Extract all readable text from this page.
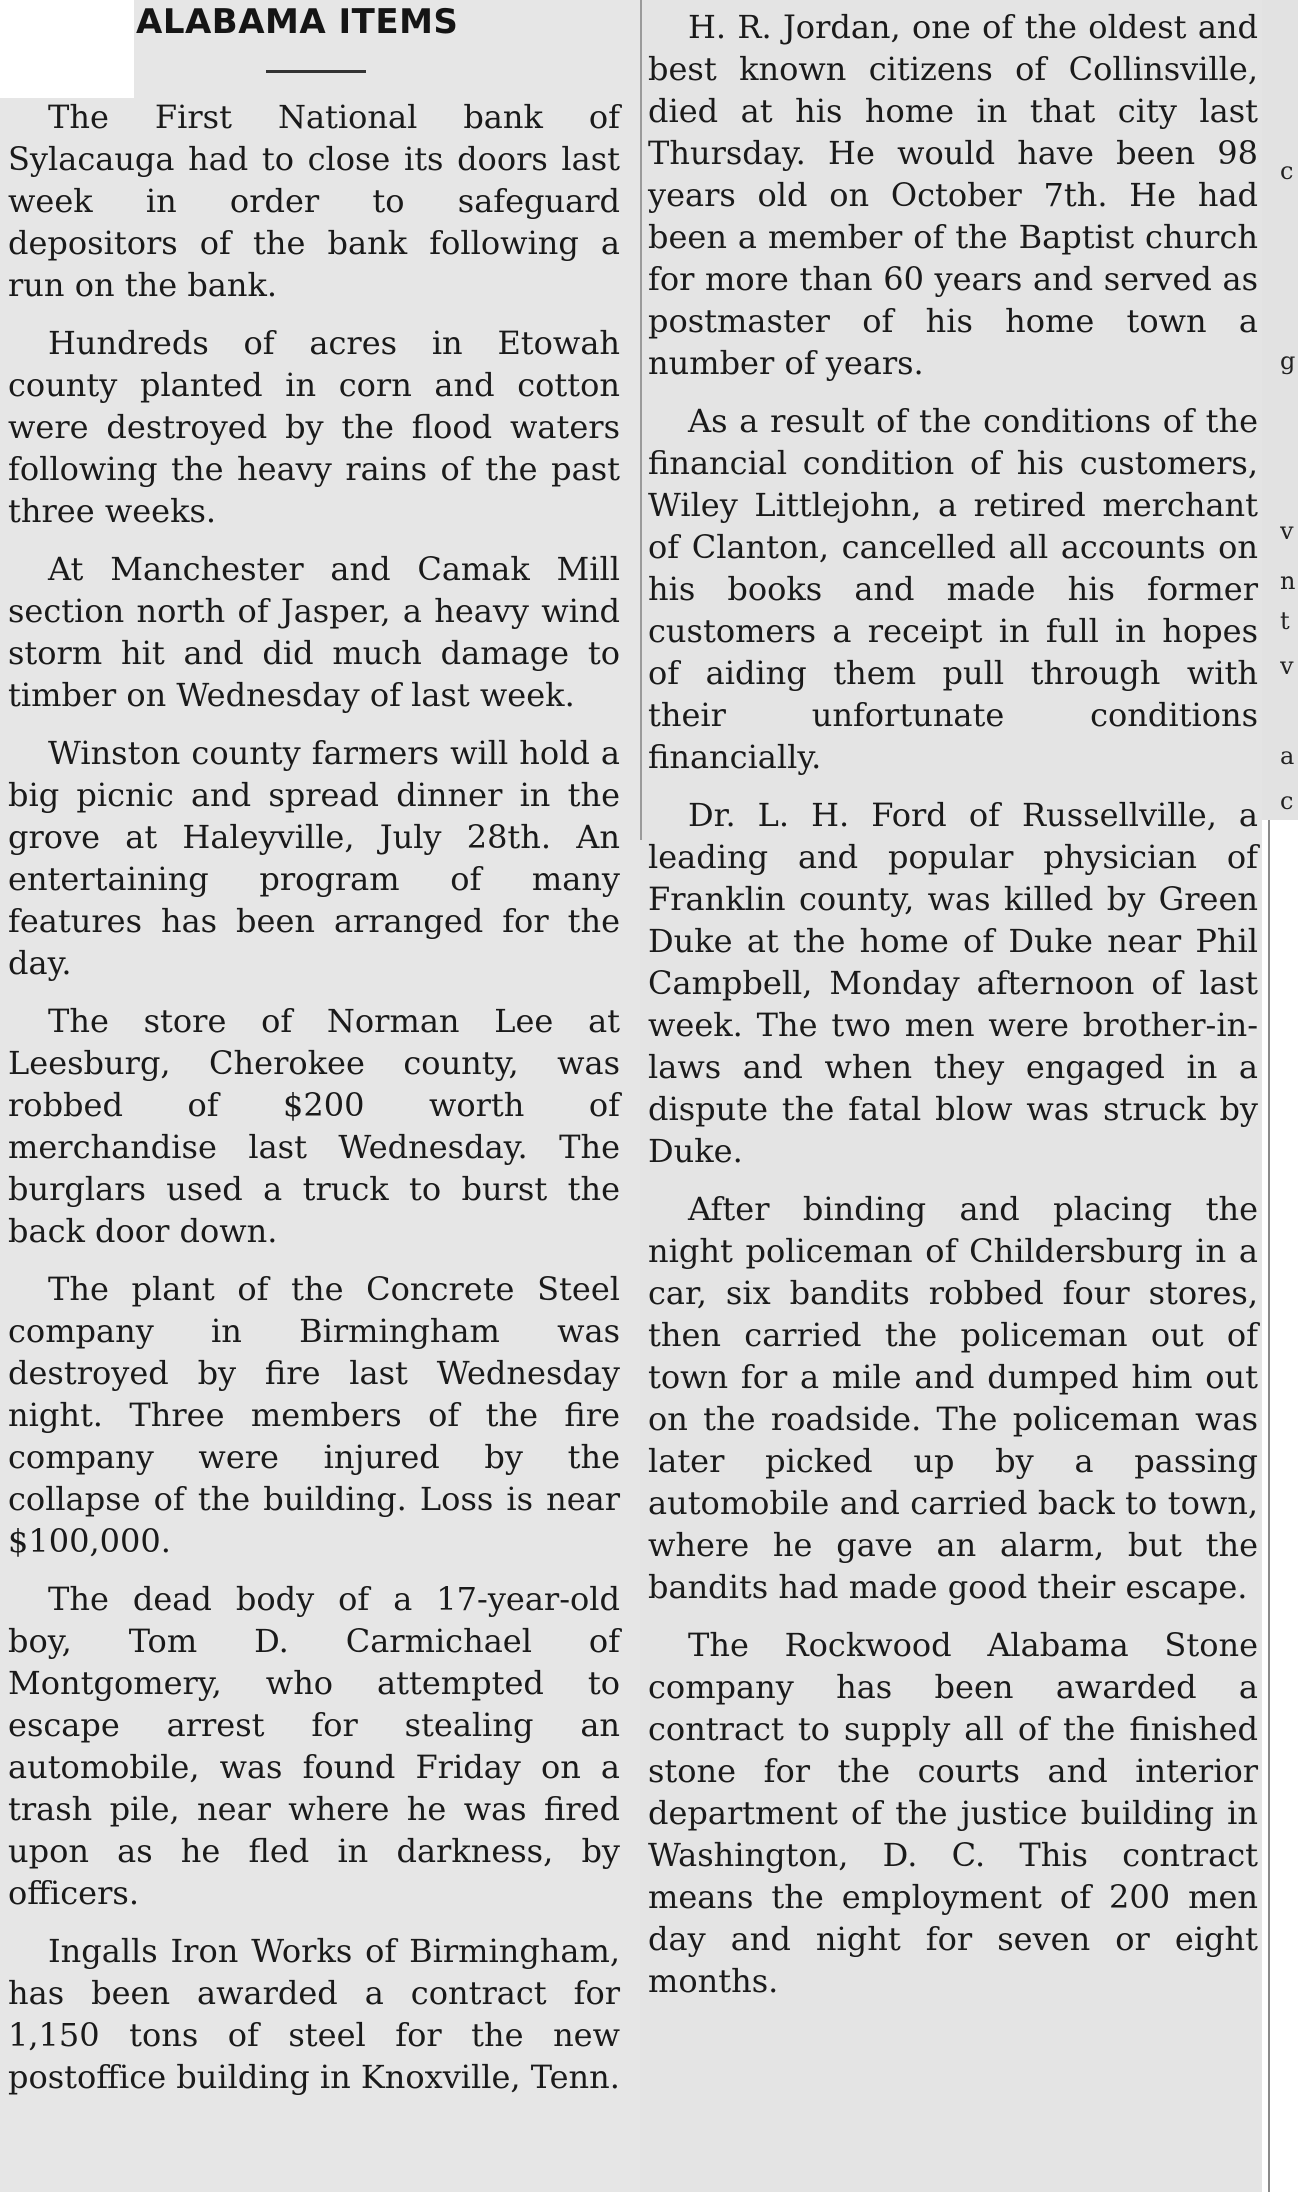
ALABAMA ITEMS

The First National bank of Sylacauga had to close its doors last week in order to safeguard depositors of the bank following a run on the bank.

Hundreds of acres in Etowah county planted in corn and cotton were destroyed by the flood waters following the heavy rains of the past three weeks.

At Manchester and Camak Mill section north of Jasper, a heavy wind storm hit and did much damage to timber on Wednesday of last week.

Winston county farmers will hold a big picnic and spread dinner in the grove at Haleyville, July 28th. An entertaining program of many features has been arranged for the day.

The store of Norman Lee at Leesburg, Cherokee county, was robbed of $200 worth of merchandise last Wednesday. The burglars used a truck to burst the back door down.

The plant of the Concrete Steel company in Birmingham was destroyed by fire last Wednesday night. Three members of the fire company were injured by the collapse of the building. Loss is near $100,000.

The dead body of a 17-year-old boy, Tom D. Carmichael of Montgomery, who attempted to escape arrest for stealing an automobile, was found Friday on a trash pile, near where he was fired upon as he fled in darkness, by officers.

Ingalls Iron Works of Birmingham, has been awarded a contract for 1,150 tons of steel for the new postoffice building in Knoxville, Tenn.

H. R. Jordan, one of the oldest and best known citizens of Collinsville, died at his home in that city last Thursday. He would have been 98 years old on October 7th. He had been a member of the Baptist church for more than 60 years and served as postmaster of his home town a number of years.

As a result of the conditions of the financial condition of his customers, Wiley Littlejohn, a retired merchant of Clanton, cancelled all accounts on his books and made his former customers a receipt in full in hopes of aiding them pull through with their unfortunate conditions financially.

Dr. L. H. Ford of Russellville, a leading and popular physician of Franklin county, was killed by Green Duke at the home of Duke near Phil Campbell, Monday afternoon of last week. The two men were brother-in-laws and when they engaged in a dispute the fatal blow was struck by Duke.

After binding and placing the night policeman of Childersburg in a car, six bandits robbed four stores, then carried the policeman out of town for a mile and dumped him out on the roadside. The policeman was later picked up by a passing automobile and carried back to town, where he gave an alarm, but the bandits had made good their escape.

The Rockwood Alabama Stone company has been awarded a contract to supply all of the finished stone for the courts and interior department of the justice building in Washington, D. C. This contract means the employment of 200 men day and night for seven or eight months.

c
g
v
n
t
v
a
c
